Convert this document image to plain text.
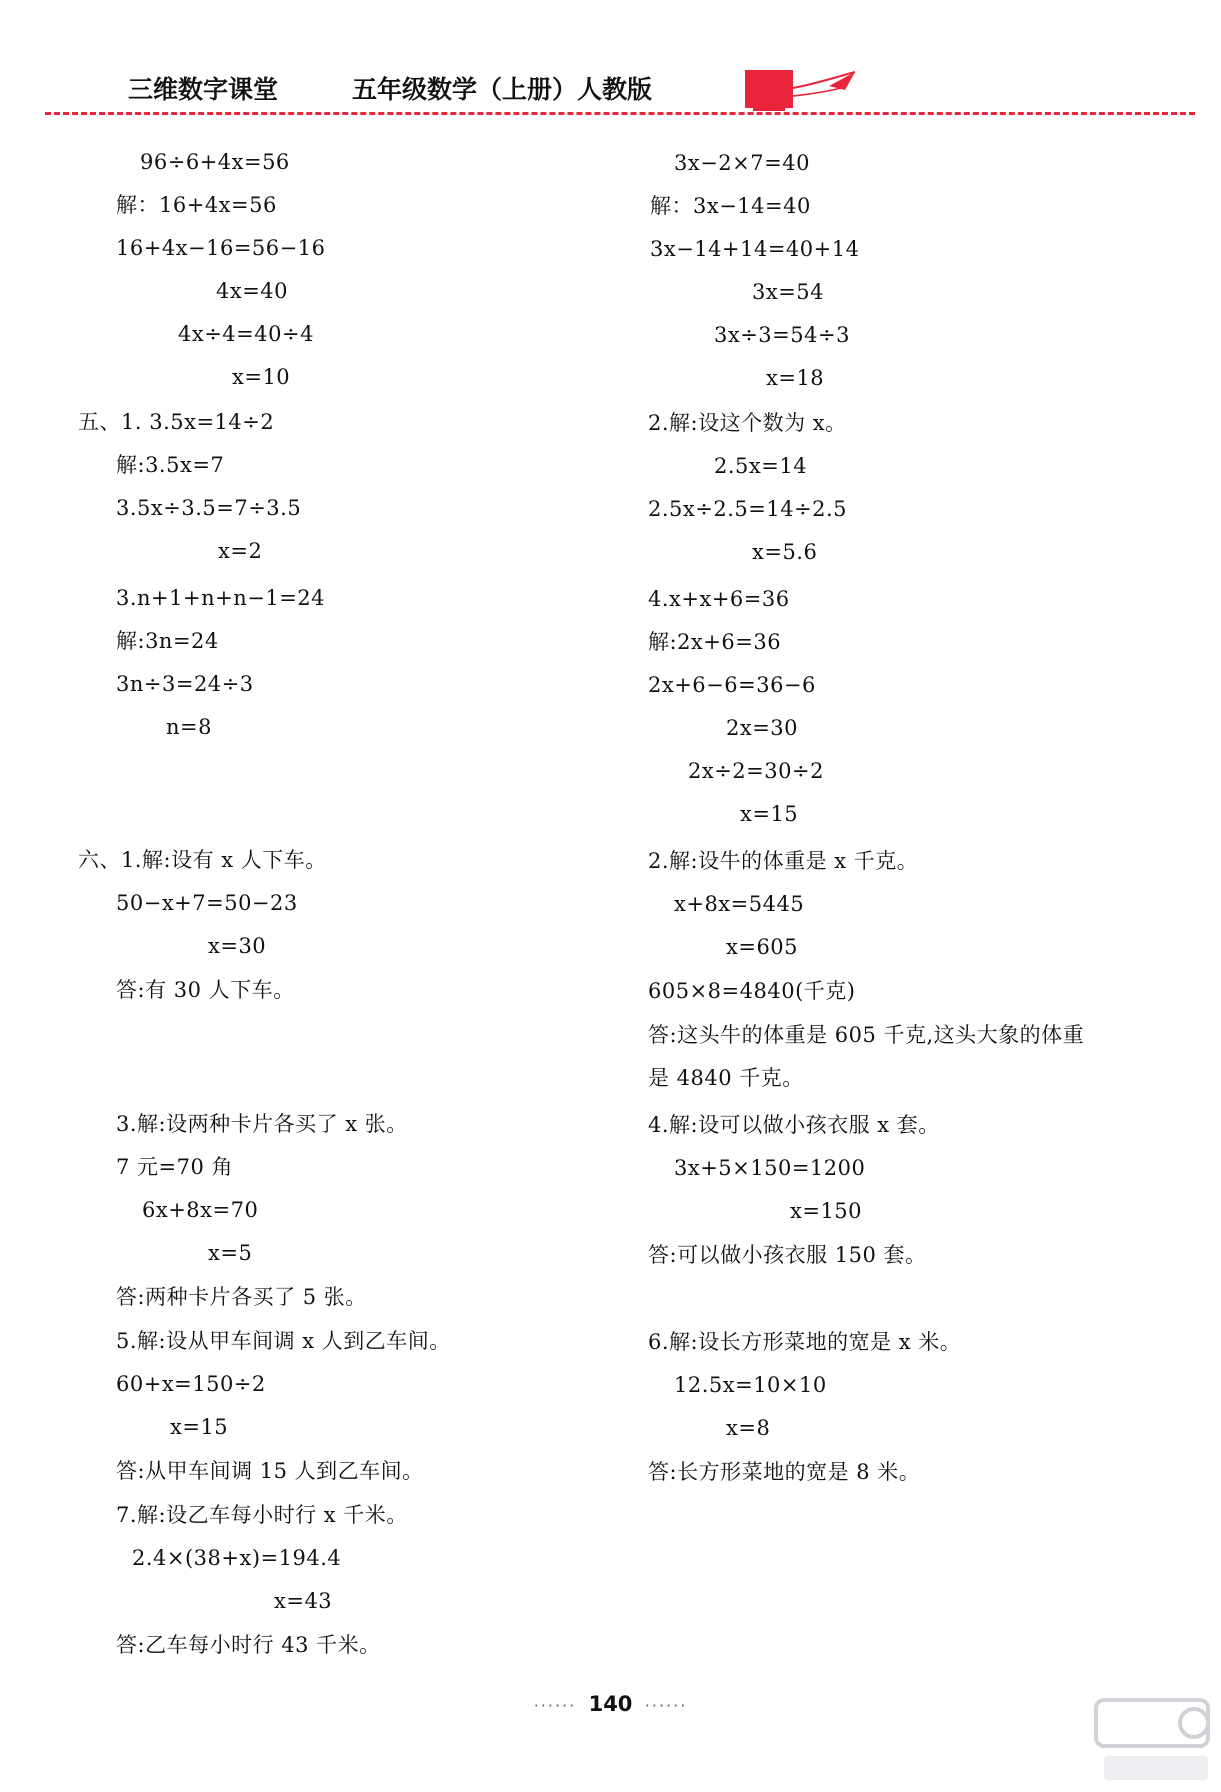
三维数字课堂	五年级数学（上册）人教版
96÷6+4x=56
解：16+4x=56
16+4x−16=56−16
4x=40
4x÷4=40÷4
x=10
五、1. 3.5x=14÷2
解:3.5x=7
3.5x÷3.5=7÷3.5
x=2
3.n+1+n+n−1=24
解:3n=24
3n÷3=24÷3
n=8
六、1.解:设有 x 人下车。
50−x+7=50−23
x=30
答:有 30 人下车。
3.解:设两种卡片各买了 x 张。
7 元=70 角
6x+8x=70
x=5
答:两种卡片各买了 5 张。
5.解:设从甲车间调 x 人到乙车间。
60+x=150÷2
x=15
答:从甲车间调 15 人到乙车间。
7.解:设乙车每小时行 x 千米。
2.4×(38+x)=194.4
x=43
答:乙车每小时行 43 千米。
3x−2×7=40
解：3x−14=40
3x−14+14=40+14
3x=54
3x÷3=54÷3
x=18
2.解:设这个数为 x。
2.5x=14
2.5x÷2.5=14÷2.5
x=5.6
4.x+x+6=36
解:2x+6=36
2x+6−6=36−6
2x=30
2x÷2=30÷2
x=15
2.解:设牛的体重是 x 千克。
x+8x=5445
x=605
605×8=4840(千克)
答:这头牛的体重是 605 千克,这头大象的体重
是 4840 千克。
4.解:设可以做小孩衣服 x 套。
3x+5×150=1200
x=150
答:可以做小孩衣服 150 套。
6.解:设长方形菜地的宽是 x 米。
12.5x=10×10
x=8
答:长方形菜地的宽是 8 米。
······ 140 ······
